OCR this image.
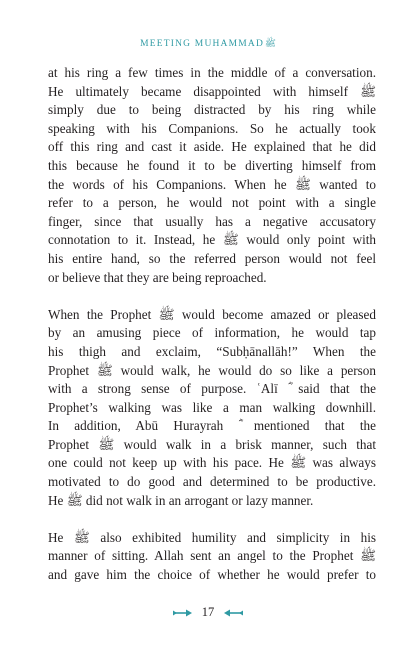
MEETING MUHAMMADﷺ
at his ring a few times in the middle of a conversation.
He ultimately became disappointed with himself ﷺ
simply due to being distracted by his ring while
speaking with his Companions. So he actually took
off this ring and cast it aside. He explained that he did
this because he found it to be diverting himself from
the words of his Companions. When he ﷺ wanted to
refer to a person, he would not point with a single
finger, since that usually has a negative accusatory
connotation to it. Instead, he ﷺ would only point with
his entire hand, so the referred person would not feel
or believe that they are being reproached.
When the Prophet ﷺ would become amazed or pleased
by an amusing piece of information, he would tap
his thigh and exclaim, “Subḥānallāh!” When the
Prophet ﷺ would walk, he would do so like a person
with a strong sense of purpose. ʿAlī ؓ said that the
Prophet’s walking was like a man walking downhill.
In addition, Abū Hurayrah ؓ mentioned that the
Prophet ﷺ would walk in a brisk manner, such that
one could not keep up with his pace. He ﷺ was always
motivated to do good and determined to be productive.
He ﷺ did not walk in an arrogant or lazy manner.
He ﷺ also exhibited humility and simplicity in his
manner of sitting. Allah sent an angel to the Prophet ﷺ
and gave him the choice of whether he would prefer to
17
